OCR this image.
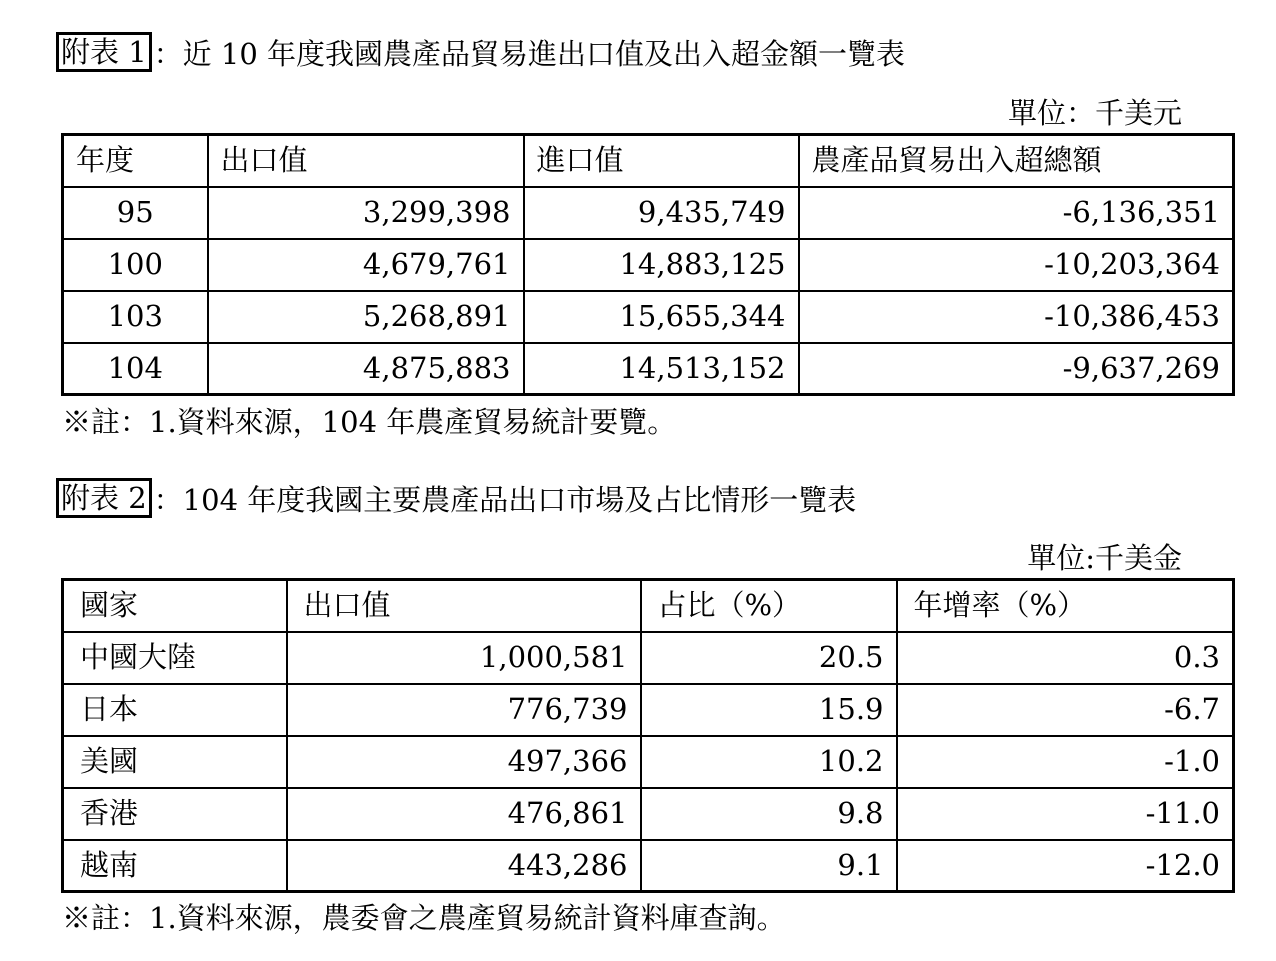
附表 1 ：近 10 年度我國農產品貿易進出口值及出入超金額一覽表
單位：千美元
年度	出口值	進口值	農產品貿易出入超總額
95	3,299,398	9,435,749	-6,136,351
100	4,679,761	14,883,125	-10,203,364
103	5,268,891	15,655,344	-10,386,453
104	4,875,883	14,513,152	-9,637,269
※註：1.資料來源，104 年農產貿易統計要覽。
附表 2 ：104 年度我國主要農產品出口市場及占比情形一覽表
單位:千美金
國家	出口值	占比（%）	年增率（%）
中國大陸	1,000,581	20.5	0.3
日本	776,739	15.9	-6.7
美國	497,366	10.2	-1.0
香港	476,861	9.8	-11.0
越南	443,286	9.1	-12.0
※註：1.資料來源，農委會之農產貿易統計資料庫查詢。
